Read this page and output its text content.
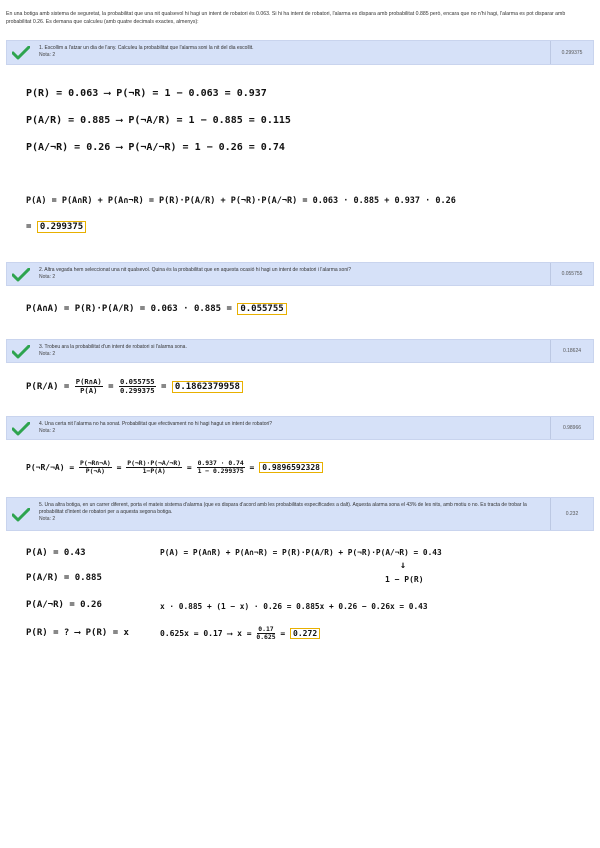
En una botiga amb sistema de seguretat, la probabilitat que una nit qualsevol hi hagi un intent de robatori és 0.063. Si hi ha intent de robatori, l'alarma es dispara amb probabilitat 0.885 però, encara que no n'hi hagi, l'alarma es pot disparar amb probabilitat 0.26. Es demana que calculeu (amb quatre decimals exactes, almenys):
1. Escollim a l'atzar un dia de l'any. Calculeu la probabilitat que l'alarma soni la nit del dia escollit.
Nota: 2	0.299375
P(R) = 0.063 ⟶ P(¬R) = 1 − 0.063 = 0.937
P(A/R) = 0.885 ⟶ P(¬A/R) = 1 − 0.885 = 0.115
P(A/¬R) = 0.26 ⟶ P(¬A/¬R) = 1 − 0.26 = 0.74
P(A) = P(A∩R) + P(A∩¬R) = P(R)·P(A/R) + P(¬R)·P(A/¬R) = 0.063 · 0.885 + 0.937 · 0.26
= 0.299375
2. Altra vegada hem seleccionat una nit qualsevol. Quina és la probabilitat que en aquesta ocasió hi hagi un intent de robatori i l'alarma soni?
Nota: 2	0.055755
P(A∩A) = P(R)·P(A/R) = 0.063 · 0.885 = 0.055755
3. Trobeu ara la probabilitat d'un intent de robatori si l'alarma sona.
Nota: 2	0.18624
$P(R/A) = \frac{P(R\cap A)}{P(A)} = \frac{0.055755}{0.299375} = 0.1862379958$
4. Una certa nit l'alarma no ha sonat. Probabilitat que efectivament no hi hagi hagut un intent de robatori?
Nota: 2	0.98966
P(¬R/¬A) = $\frac{P(\neg R\cap\neg A)}{P(\neg A)} = \frac{P(\neg R)\cdot P(\neg A/\neg R)}{1-P(A)} = \frac{0.937 \cdot 0.74}{1 - 0.299375} = 0.9896592328$
5. Una altra botiga, en un carrer diferent, porta el mateix sistema d'alarma (que es dispara d'acord amb les probabilitats especificades a dalt). Aquesta alarma sona el 43% de les nits, amb motiu o no. Es tracta de trobar la probabilitat d'intent de robatori per a aquesta segona botiga.
Nota: 2
0.232
P(A) = 0.43
P(A/R) = 0.885
P(A/¬R) = 0.26
P(R) = ? ⟶ P(R) = x
P(A) = P(A∩R) + P(A∩¬R) = P(R)·P(A/R) + P(¬R)·P(A/¬R) = 0.43
↓
1 − P(R)
x · 0.885 + (1 − x) · 0.26 = 0.885x + 0.26 − 0.26x = 0.43
0.625x = 0.17 ⟶ $x = \frac{0.17}{0.625} = 0.272$
